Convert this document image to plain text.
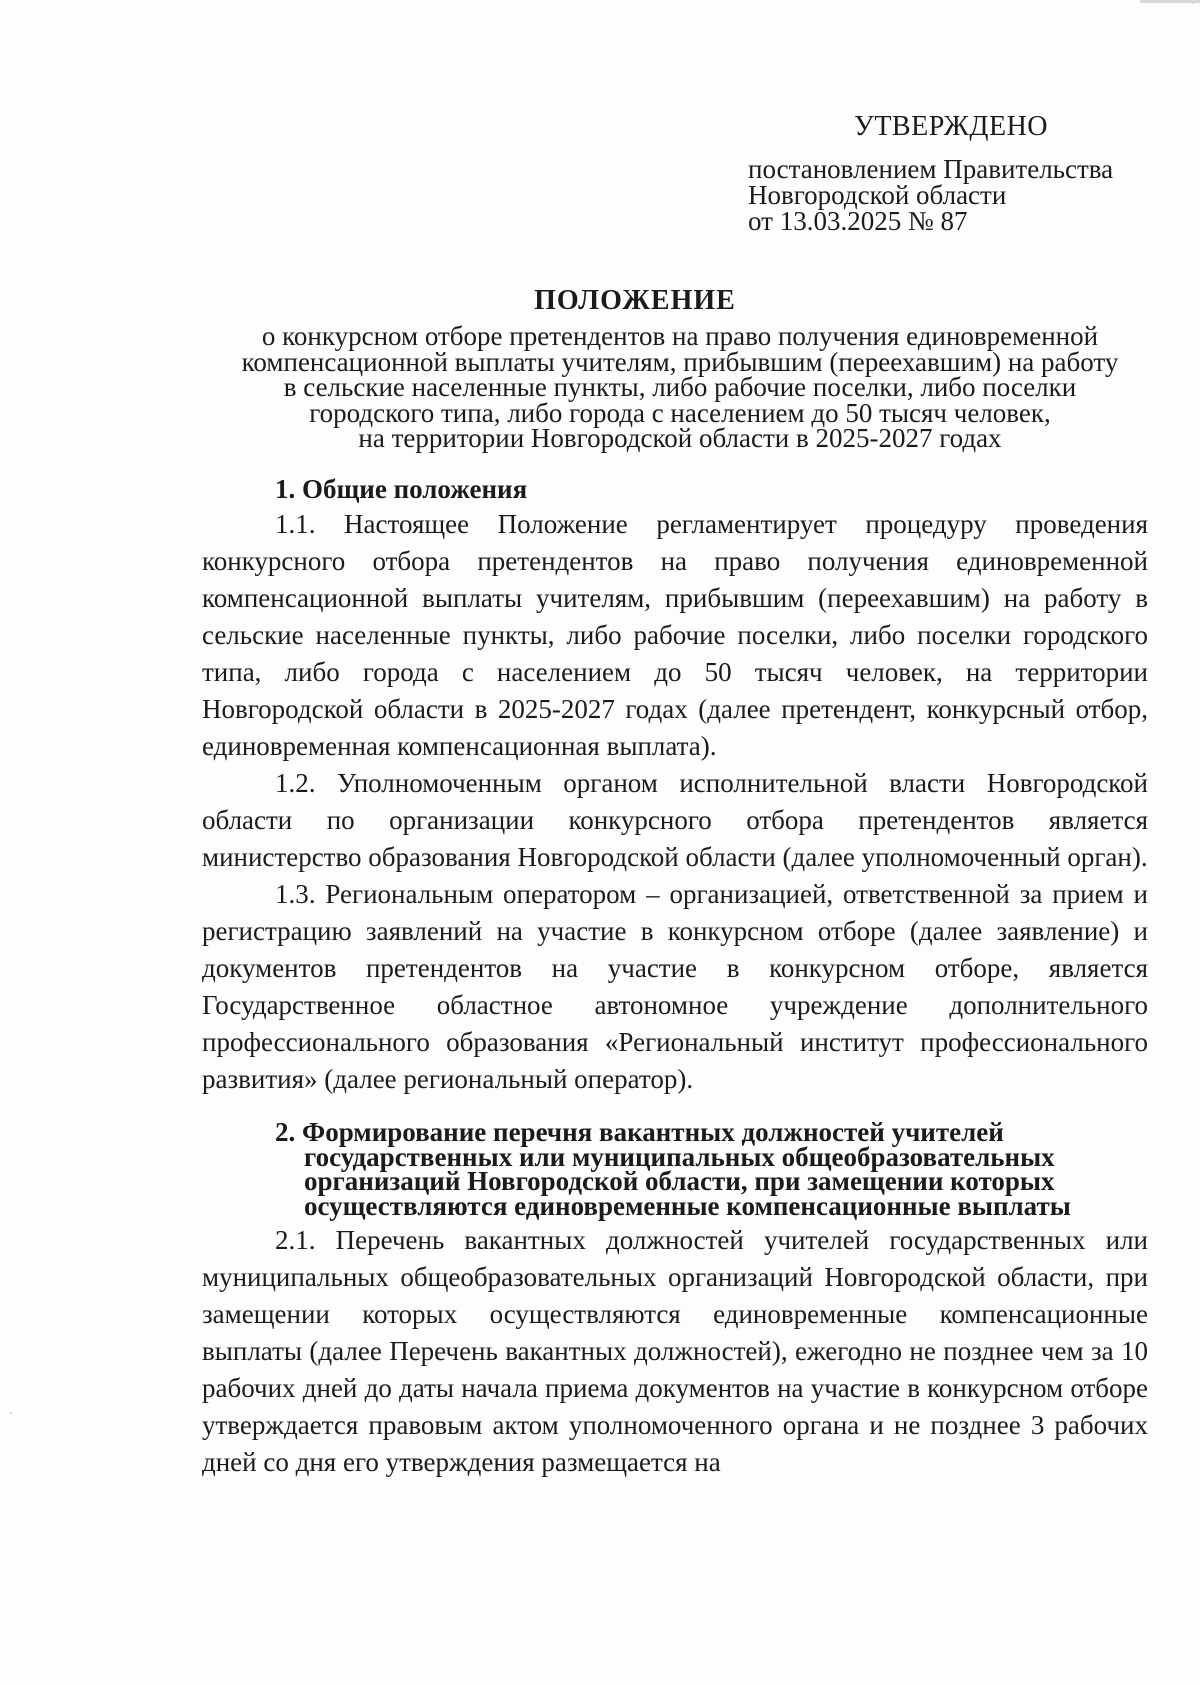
УТВЕРЖДЕНО
постановлением Правительства
Новгородской области
от 13.03.2025 № 87
ПОЛОЖЕНИЕ
о конкурсном отборе претендентов на право получения единовременной
компенсационной выплаты учителям, прибывшим (переехавшим) на работу
в сельские населенные пункты, либо рабочие поселки, либо поселки
городского типа, либо города с населением до 50 тысяч человек,
на территории Новгородской области в 2025-2027 годах
1. Общие положения

1.1. Настоящее Положение регламентирует процедуру проведения конкурсного отбора претендентов на право получения единовременной компенсационной выплаты учителям, прибывшим (переехавшим) на работу в сельские населенные пункты, либо рабочие поселки, либо поселки городского типа, либо города с населением до 50 тысяч человек, на территории Новгородской области в 2025-2027 годах (далее претендент, конкурсный отбор, единовременная компенсационная выплата).

1.2. Уполномоченным органом исполнительной власти Новгородской области по организации конкурсного отбора претендентов является министерство образования Новгородской области (далее уполномоченный орган).

1.3. Региональным оператором – организацией, ответственной за прием и регистрацию заявлений на участие в конкурсном отборе (далее заявление) и документов претендентов на участие в конкурсном отборе, является Государственное областное автономное учреждение дополнительного профессионального образования «Региональный институт профессионального развития» (далее региональный оператор).

2. Формирование перечня вакантных должностей учителей
государственных или муниципальных общеобразовательных
организаций Новгородской области, при замещении которых
осуществляются единовременные компенсационные выплаты

2.1. Перечень вакантных должностей учителей государственных или муниципальных общеобразовательных организаций Новгородской области, при замещении которых осуществляются единовременные компенсационные выплаты (далее Перечень вакантных должностей), ежегодно не позднее чем за 10 рабочих дней до даты начала приема документов на участие в конкурсном отборе утверждается правовым актом уполномоченного органа и не позднее 3 рабочих дней со дня его утверждения размещается на
